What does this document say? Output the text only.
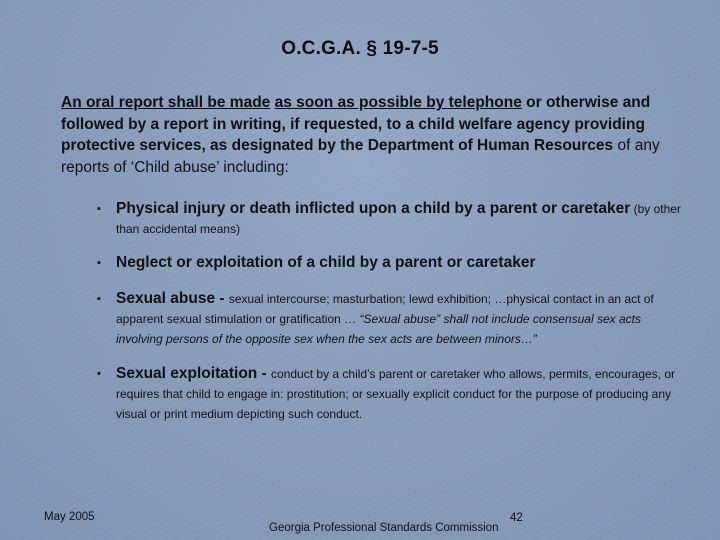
O.C.G.A. § 19-7-5
An oral report shall be made as soon as possible by telephone or otherwise and followed by a report in writing, if requested, to a child welfare agency providing protective services, as designated by the Department of Human Resources of any reports of ‘Child abuse’ including:
▪ Physical injury or death inflicted upon a child by a parent or caretaker (by other than accidental means)
▪ Neglect or exploitation of a child by a parent or caretaker
▪ Sexual abuse - sexual intercourse; masturbation; lewd exhibition; …physical contact in an act of apparent sexual stimulation or gratification … “Sexual abuse” shall not include consensual sex acts involving persons of the opposite sex when the sex acts are between minors…”
• Sexual exploitation - conduct by a child’s parent or caretaker who allows, permits, encourages, or requires that child to engage in: prostitution; or sexually explicit conduct for the purpose of producing any visual or print medium depicting such conduct.
May 2005
Georgia Professional Standards Commission
42
